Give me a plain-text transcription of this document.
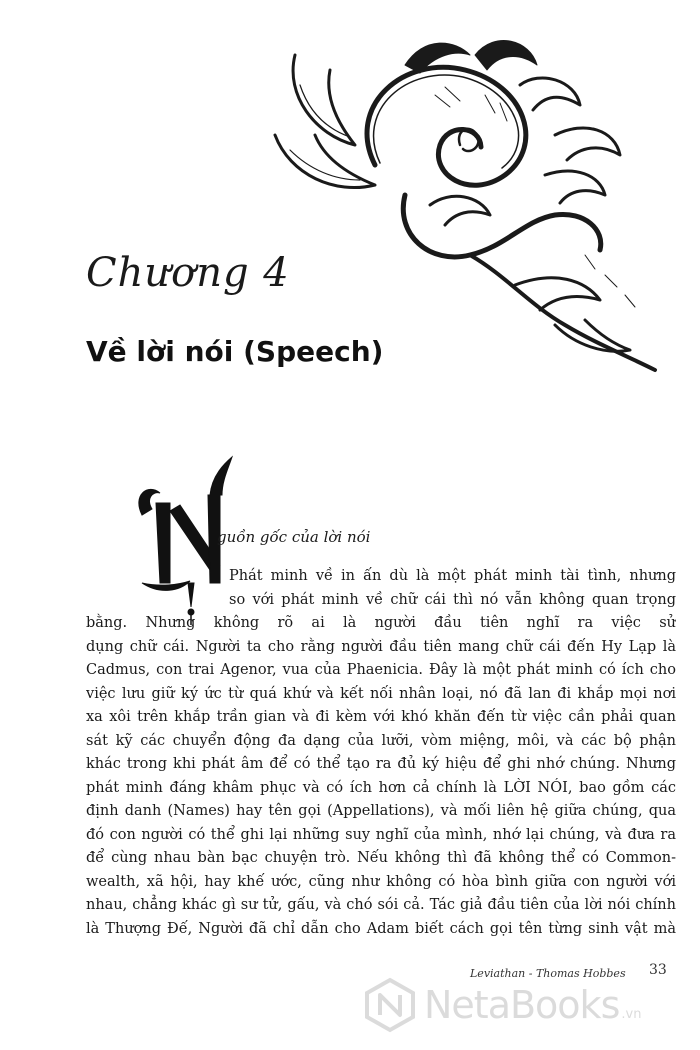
Chương 4
Về lời nói (Speech)
guồn gốc của lời nói
Phát minh về in ấn dù là một phát minh tài tình, nhưng
so với phát minh về chữ cái thì nó vẫn không quan trọng
bằng. Nhưng không rõ ai là người đầu tiên nghĩ ra việc sử
dụng chữ cái. Người ta cho rằng người đầu tiên mang chữ cái đến Hy Lạp là
Cadmus, con trai Agenor, vua của Phaenicia. Đây là một phát minh có ích cho
việc lưu giữ ký ức từ quá khứ và kết nối nhân loại, nó đã lan đi khắp mọi nơi
xa xôi trên khắp trần gian và đi kèm với khó khăn đến từ việc cần phải quan
sát kỹ các chuyển động đa dạng của lưỡi, vòm miệng, môi, và các bộ phận
khác trong khi phát âm để có thể tạo ra đủ ký hiệu để ghi nhớ chúng. Nhưng
phát minh đáng khâm phục và có ích hơn cả chính là LỜI NÓI, bao gồm các
định danh (Names) hay tên gọi (Appellations), và mối liên hệ giữa chúng, qua
đó con người có thể ghi lại những suy nghĩ của mình, nhớ lại chúng, và đưa ra
để cùng nhau bàn bạc chuyện trò. Nếu không thì đã không thể có Common-
wealth, xã hội, hay khế ước, cũng như không có hòa bình giữa con người với
nhau, chẳng khác gì sư tử, gấu, và chó sói cả. Tác giả đầu tiên của lời nói chính
là Thượng Đế, Người đã chỉ dẫn cho Adam biết cách gọi tên từng sinh vật mà
Leviathan - Thomas Hobbes 33
NetaBooks .vn
